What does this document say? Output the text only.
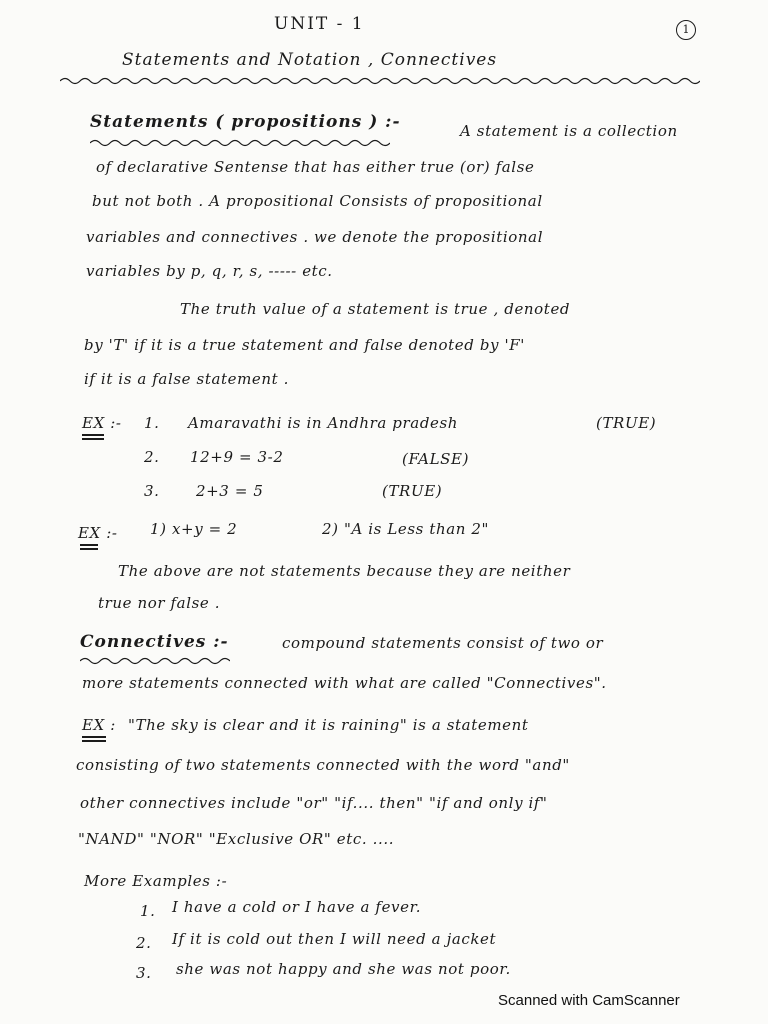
UNIT - 1	1
Statements and Notation , Connectives
Statements ( propositions ) :-	A statement is a collection
of declarative Sentense that has either true (or) false
but not both . A propositional Consists of propositional
variables and connectives . we denote the propositional
variables by p, q, r, s, ----- etc.
The truth value of a statement is true , denoted
by 'T' if it is a true statement and false denoted by 'F'
if it is a false statement .
EX :- 1. Amaravathi is in Andhra pradesh	(TRUE)
2. 12+9 = 3-2	(FALSE)
3. 2+3 = 5	(TRUE)
EX :- 1) x+y = 2	2) "A is Less than 2"
The above are not statements because they are neither
true nor false .
Connectives :-	compound statements consist of two or
more statements connected with what are called "Connectives".
EX : "The sky is clear and it is raining" is a statement
consisting of two statements connected with the word "and"
other connectives include "or" "if.... then" "if and only if"
"NAND" "NOR" "Exclusive OR" etc. ....
More Examples :-
1. I have a cold or I have a fever.
2. If it is cold out then I will need a jacket
3. she was not happy and she was not poor.
Scanned with CamScanner
